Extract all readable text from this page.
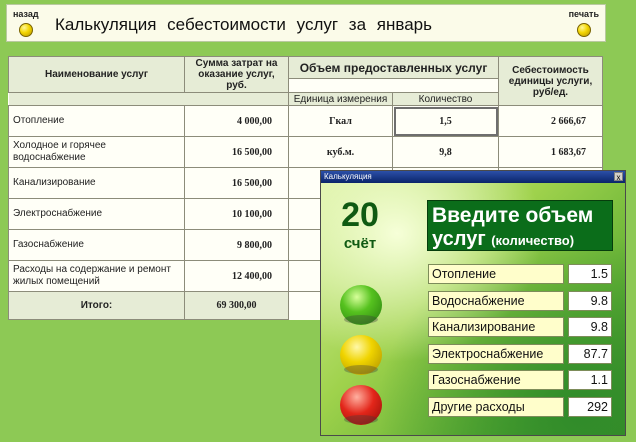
назад
Калькуляция себестоимости услуг за январь
печать
Наименование услуг	Сумма затрат на оказание услуг, руб.	Объем предоставленных услуг		Себестоимость единицы услуги, руб/ед.

		Единица измерения	Количество	
Отопление	4 000,00	Гкал	1,5	2 666,67
Холодное и горячее водоснабжение	16 500,00	куб.м.	9,8	1 683,67
Канализирование	16 500,00			
Электроснабжение	10 100,00			
Газоснабжение	9 800,00			
Расходы на содержание и ремонт жилых помещений	12 400,00			
Итого:	69 300,00			
Калькуляция	x
20
счёт
Введите объем
услуг (количество)
Отопление	1.5
Водоснабжение	9.8
Канализирование	9.8
Электроснабжение	87.7
Газоснабжение	1.1
Другие расходы	292
